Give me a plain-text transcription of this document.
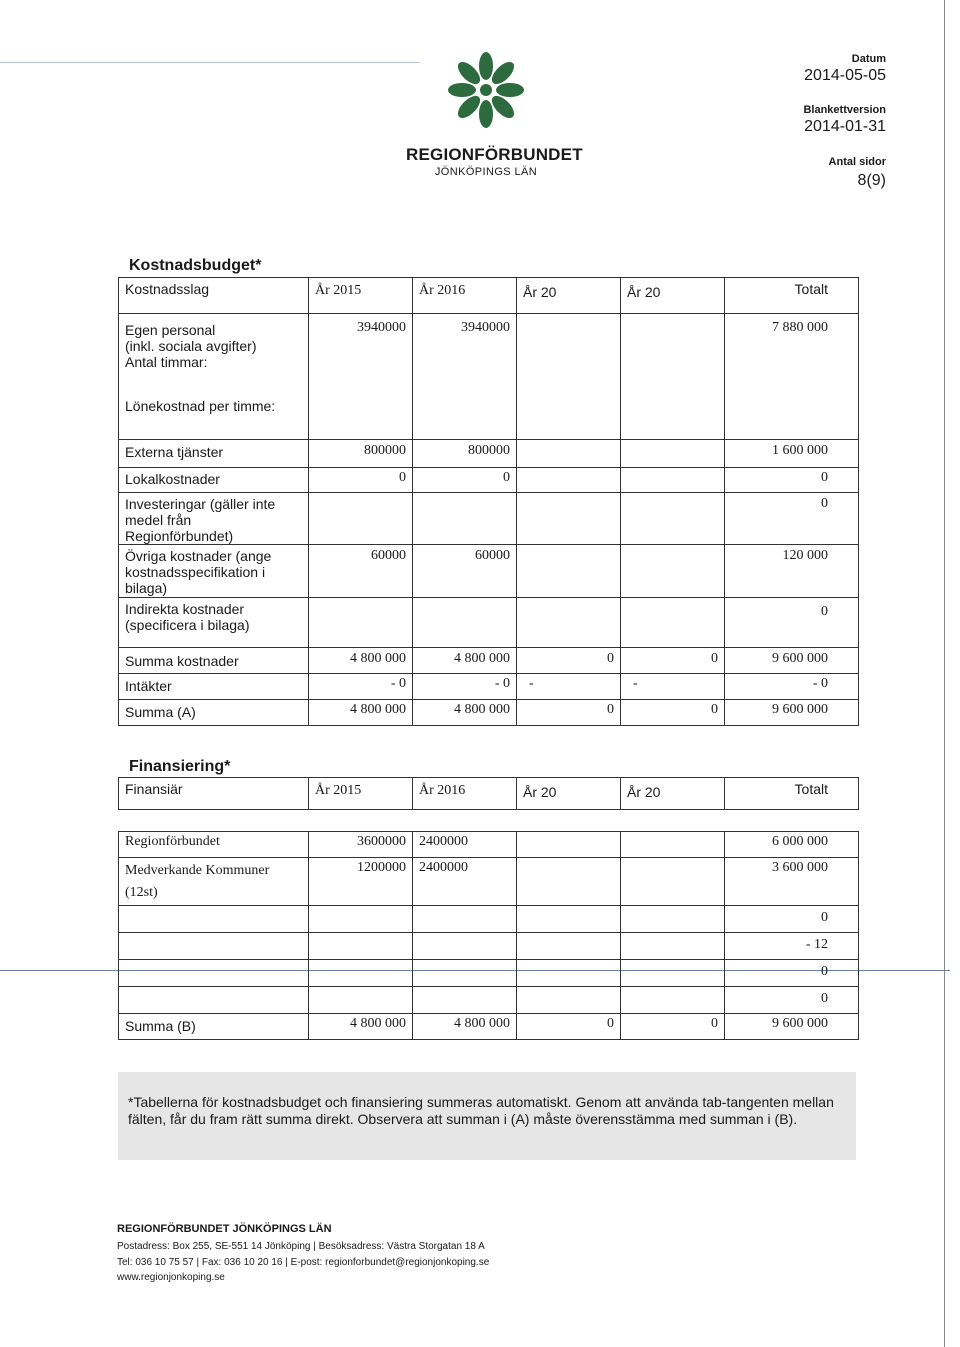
REGIONFÖRBUNDET
JÖNKÖPINGS LÄN
Datum
2014-05-05
Blankettversion
2014-01-31
Antal sidor
8(9)
Kostnadsbudget*
Kostnadsslag	År 2015	År 2016	År 20	År 20	Totalt

Egen personal
(inkl. sociala avgifter)
Antal timmar:
Lönekostnad per timme:	3940000	3940000			7 880 000
Externa tjänster	800000	800000			1 600 000
Lokalkostnader	0	0			0
Investeringar (gäller inte medel från Regionförbundet)					0
Övriga kostnader (ange kostnadsspecifikation i bilaga)	60000	60000			120 000
Indirekta kostnader (specificera i bilaga)					0
Summa kostnader	4 800 000	4 800 000	0	0	9 600 000
Intäkter	- 0	- 0	-	-	- 0
Summa (A)	4 800 000	4 800 000	0	0	9 600 000
Finansiering*
Finansiär	År 2015	År 2016	År 20	År 20	Totalt
Regionförbundet	3600000	2400000			6 000 000
Medverkande Kommuner (12st)	1200000	2400000			3 600 000
					0
					- 12
					0
					0
Summa (B)	4 800 000	4 800 000	0	0	9 600 000

*Tabellerna för kostnadsbudget och finansiering summeras automatiskt. Genom att använda tab-tangenten mellan fälten, får du fram rätt summa direkt. Observera att summan i (A) måste överensstämma med summan i (B).

REGIONFÖRBUNDET JÖNKÖPINGS LÄN
Postadress: Box 255, SE-551 14 Jönköping | Besöksadress: Västra Storgatan 18 A
Tel: 036 10 75 57 | Fax: 036 10 20 16 | E-post: regionforbundet@regionjonkoping.se
www.regionjonkoping.se
